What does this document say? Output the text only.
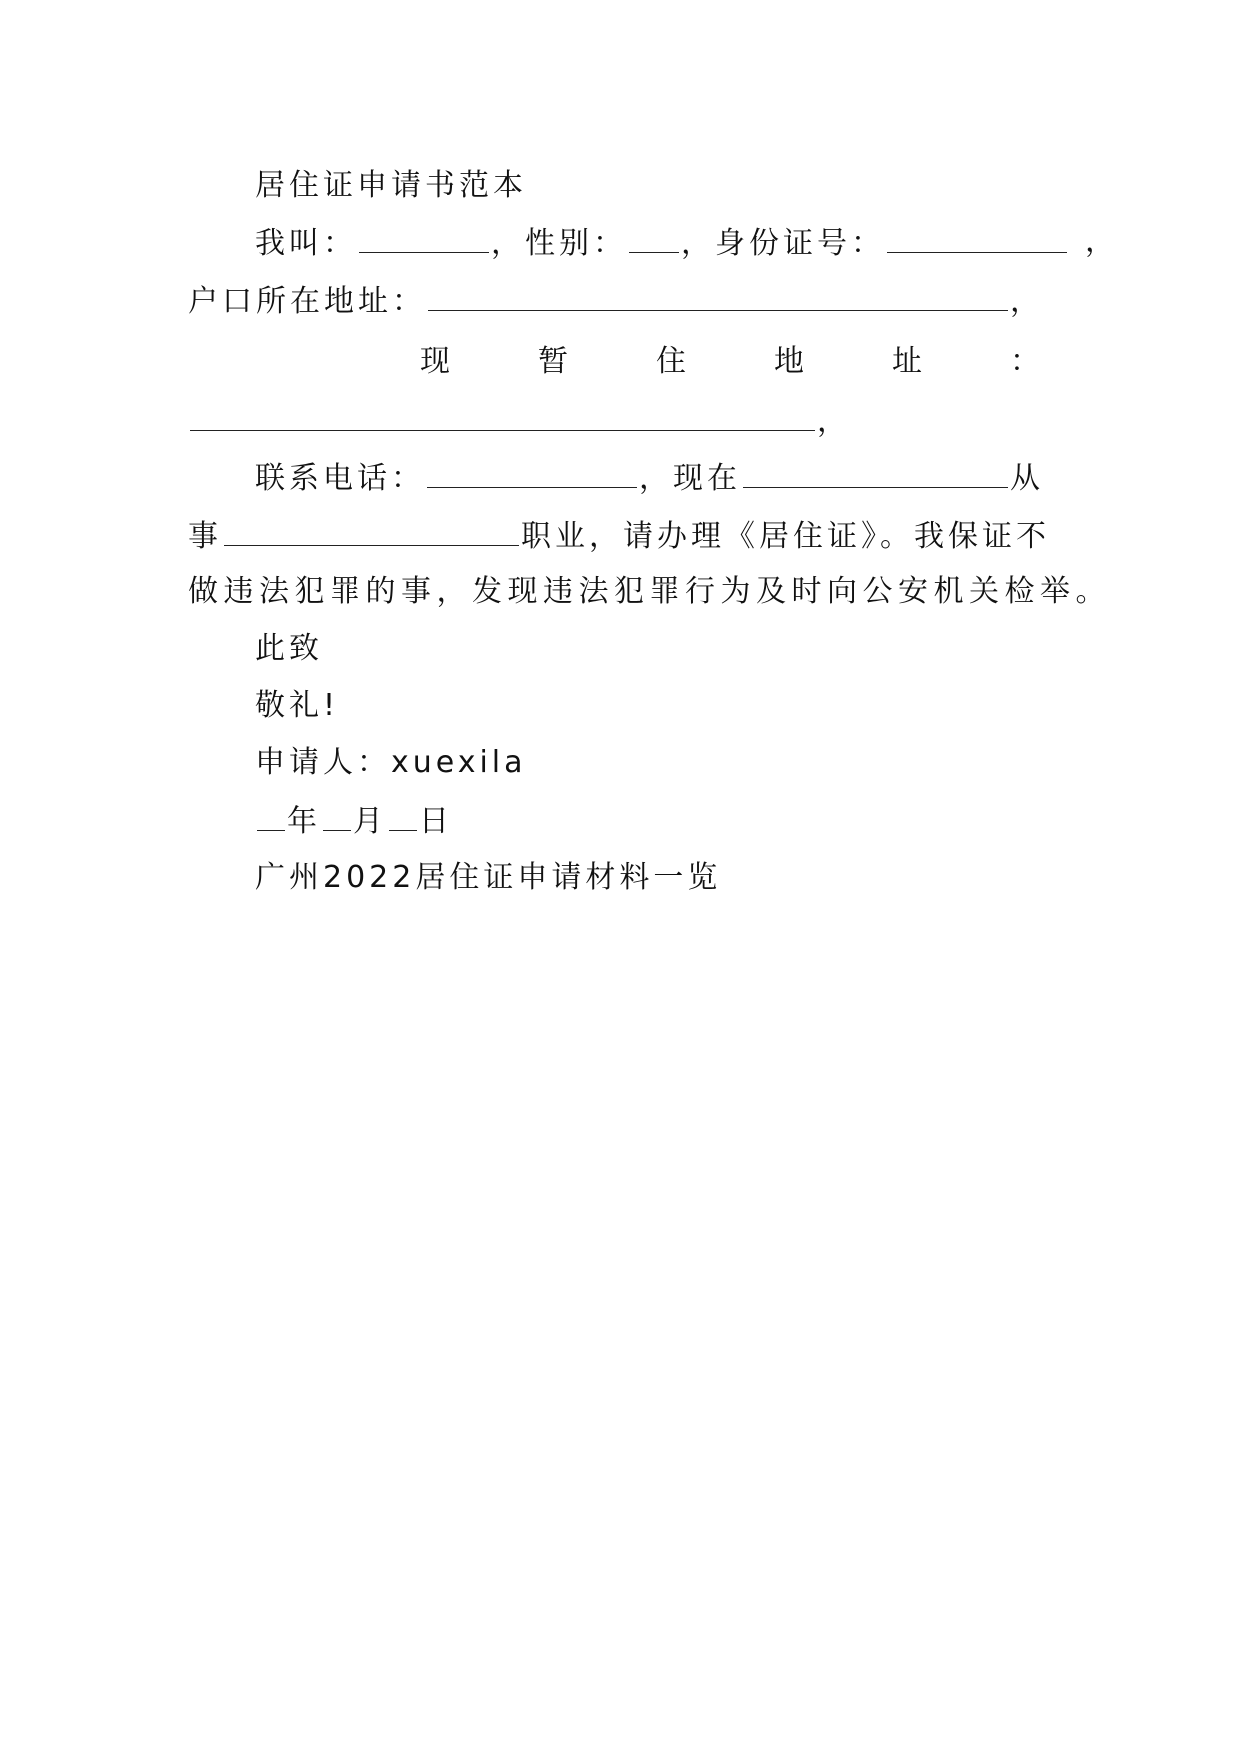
居住证申请书范本
我叫：	，性别： ，身份证号：	，
户口所在地址：	，
现	暂	住	地	址	：
，
联系电话：	，现在	从
事	职业，请办理《居住证》。我保证不
做违法犯罪的事，发现违法犯罪行为及时向公安机关检举。
此致
敬礼!
申请人：xuexila
年 月 日
广州2022居住证申请材料一览
